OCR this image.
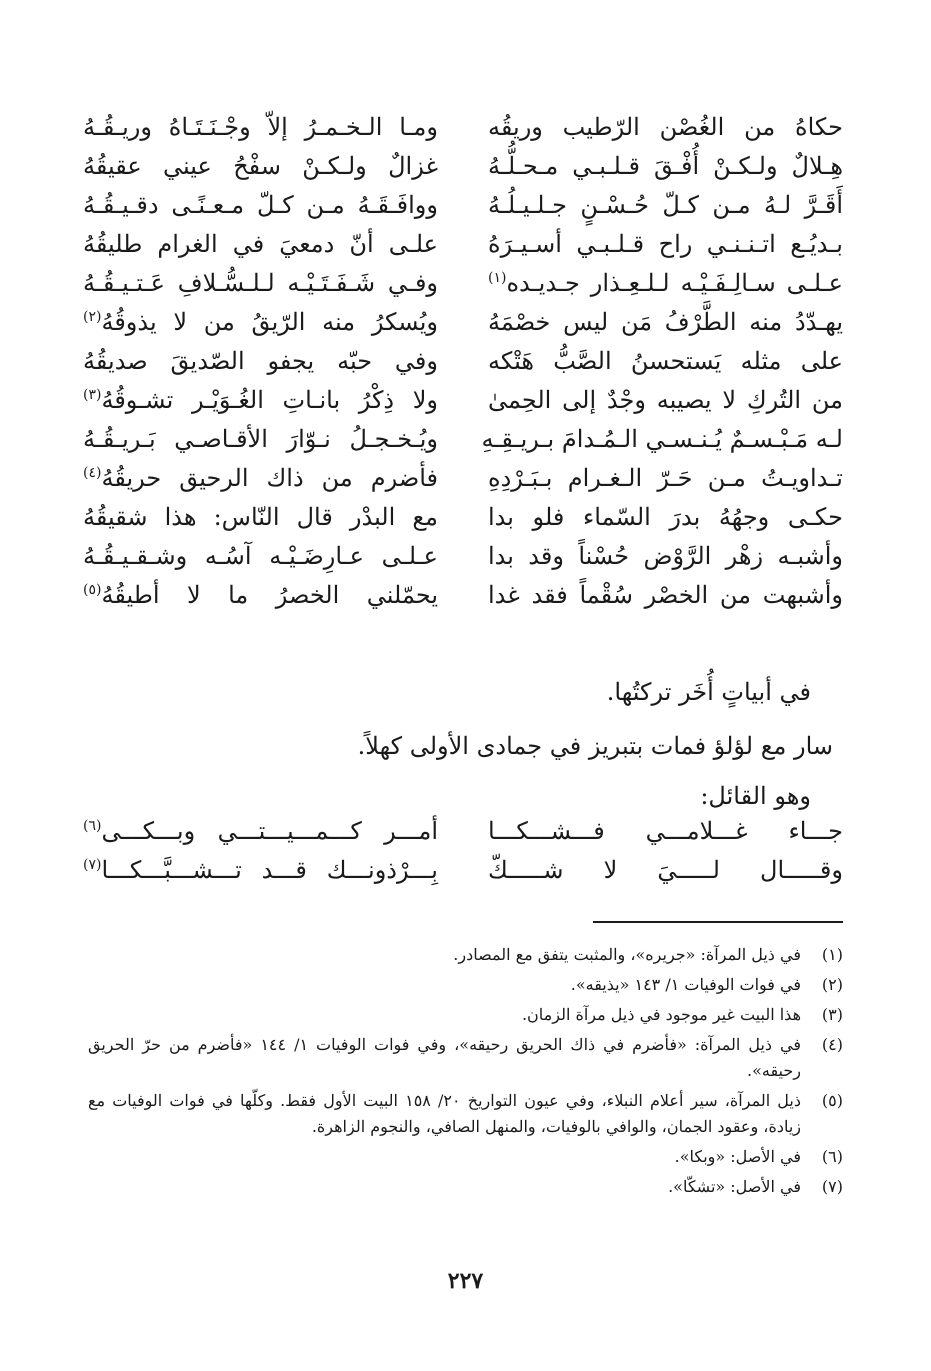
حكاهُ من الغُصْن الرّطيب وريقُه
ومـا الـخـمـرُ إلاّ وجْـنَـتَـاهُ وريـقُـهُ
هِـلالٌ ولـكـنْ أُفْـقَ قـلـبـي مـحـلُّـهُ
غزالٌ ولـكـنْ سفْحُ عيني عقيقُهُ
أَقَـرَّ لـهُ مـن كـلّ حُـسْـنٍ جـلـيـلُـهُ
ووافَـقَـهُ مـن كـلّ مـعـنًـى دقـيـقُـهُ
بـديُـع اتـنـنـي راح قـلـبـي أسـيـرَهُ
علـى أنّ دمعيَ في الغرام طليقُهُ
عـلـى سـالِـفَـيْـه لـلـعِـذار جـديـده$^{(١)}$
وفـي شَـفَـتَـيْـه لـلـسُّـلافِ عَـتـيـقُـهُ
يهـدّدُ منه الطَّرْفُ مَن ليس خصْمَهُ
ويُسكرُ منه الرّيقُ من لا يذوقُهُ$^{(٢)}$
على مثله يَستحسنُ الصَّبُّ هَتْكه
وفي حبّه يجفو الصّديقَ صديقُهُ
من التُركِ لا يصيبه وجْدٌ إلى الحِمىٰ
ولا ذِكْرُ بانـاتِ الغُـوَيْـر تشـوقُهُ$^{(٣)}$
لـه مَـبْـسـمٌ يُـنـسـي الـمُـدامَ بـريـقِـهِ
ويُـخـجـلُ نـوّارَ الأقـاصـي بَـريـقُـهُ
تـداويـتُ مـن حَـرّ الـغـرام بـبَـرْدِهِ
فأضرم من ذاك الرحيق حريقُهُ$^{(٤)}$
حكـى وجهُهُ بدرَ السّماء فلو بدا
مع البدْر قال النّاس: هذا شقيقُهُ
وأشبـه زهْر الرَّوْض حُسْناً وقد بدا
عـلـى عـارِضَـيْـه آسُـه وشـقـيـقُـهُ
وأشبهت من الخصْر سُقْماً فقد غدا
يحمّلني الخصرُ ما لا أطيقُهُ$^{(٥)}$
في أبياتٍ أُخَر تركتُها.
سار مع لؤلؤ فمات بتبريز في جمادى الأولى كهلاً.
وهو القائل:
جـــاء غـــلامـــي فـــشـــكـــا
أمـــر كـــمـــيـــتـــي وبـــكـــى$^{(٦)}$
وقـــــال لـــــيَ لا شـــــكّ
بِـــرْذونـــك قـــد تـــشـــبَّـــكـــا$^{(٧)}$
(١)
في ذيل المرآة: «جريره»، والمثبت يتفق مع المصادر.
(٢)
في فوات الوفيات ١/ ١٤٣ «يذيقه».
(٣)
هذا البيت غير موجود في ذيل مرآة الزمان.
(٤)
في ذيل المرآة: «فأضرم في ذاك الحريق رحيقه»، وفي فوات الوفيات ١/ ١٤٤ «فأضرم من حرّ الحريق رحيقه».
(٥)
ذيل المرآة، سير أعلام النبلاء، وفي عيون التواريخ ٢٠/ ١٥٨ البيت الأول فقط. وكلّها في فوات الوفيات مع زيادة، وعقود الجمان، والوافي بالوفيات، والمنهل الصافي، والنجوم الزاهرة.
(٦)
في الأصل: «وبكا».
(٧)
في الأصل: «تشكّا».
٢٢٧
